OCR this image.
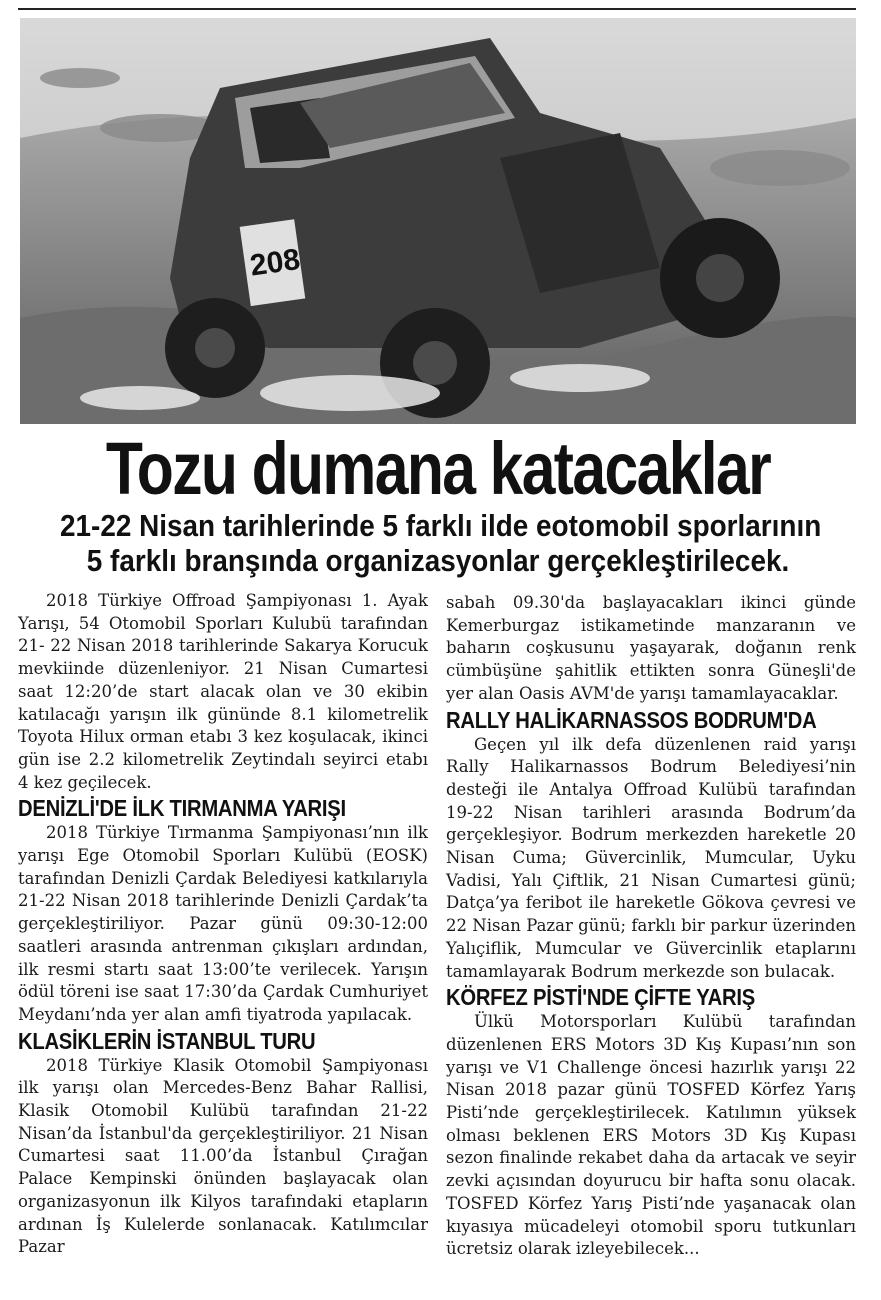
208
Tozu dumana katacaklar
21-22 Nisan tarihlerinde 5 farklı ilde eotomobil sporlarının
5 farklı branşında organizasyonlar gerçekleştirilecek.

2018 Türkiye Offroad Şampiyonası 1. Ayak Yarışı, 54 Otomobil Sporları Kulubü tarafından 21- 22 Nisan 2018 tarihlerinde Sakarya Korucuk mevkiinde düzenleniyor. 21 Nisan Cumartesi saat 12:20’de start alacak olan ve 30 ekibin katılacağı yarışın ilk gününde 8.1 kilometrelik Toyota Hilux orman etabı 3 kez koşulacak, ikinci gün ise 2.2 kilometrelik Zeytindalı seyirci etabı 4 kez geçilecek.

DENİZLİ'DE İLK TIRMANMA YARIŞI

2018 Türkiye Tırmanma Şampiyonası’nın ilk yarışı Ege Otomobil Sporları Kulübü (EOSK) tarafından Denizli Çardak Belediyesi katkılarıyla 21-22 Nisan 2018 tarihlerinde Denizli Çardak’ta gerçekleştiriliyor. Pazar günü 09:30-12:00 saatleri arasında antrenman çıkışları ardından, ilk resmi startı saat 13:00’te verilecek. Yarışın ödül töreni ise saat 17:30’da Çardak Cumhuriyet Meydanı’nda yer alan amfi tiyatroda yapılacak.

KLASİKLERİN İSTANBUL TURU

2018 Türkiye Klasik Otomobil Şampiyonası ilk yarışı olan Mercedes-Benz Bahar Rallisi, Klasik Otomobil Kulübü tarafından 21-22 Nisan’da İstanbul'da gerçekleştiriliyor. 21 Nisan Cumartesi saat 11.00’da İstanbul Çırağan Palace Kempinski önünden başlayacak olan organizasyonun ilk Kilyos tarafındaki etapların ardınan İş Kulelerde sonlanacak. Katılımcılar Pazar

sabah 09.30'da başlayacakları ikinci günde Kemerburgaz istikametinde manzaranın ve baharın coşkusunu yaşayarak, doğanın renk cümbüşüne şahitlik ettikten sonra Güneşli'de yer alan Oasis AVM'de yarışı tamamlayacaklar.

RALLY HALİKARNASSOS BODRUM'DA

Geçen yıl ilk defa düzenlenen raid yarışı Rally Halikarnassos Bodrum Belediyesi’nin desteği ile Antalya Offroad Kulübü tarafından 19-22 Nisan tarihleri arasında Bodrum’da gerçekleşiyor. Bodrum merkezden hareketle 20 Nisan Cuma; Güvercinlik, Mumcular, Uyku Vadisi, Yalı Çiftlik, 21 Nisan Cumartesi günü; Datça’ya feribot ile hareketle Gökova çevresi ve 22 Nisan Pazar günü; farklı bir parkur üzerinden Yalıçiflik, Mumcular ve Güvercinlik etaplarını tamamlayarak Bodrum merkezde son bulacak.

KÖRFEZ PİSTİ'NDE ÇİFTE YARIŞ

Ülkü Motorsporları Kulübü tarafından düzenlenen ERS Motors 3D Kış Kupası’nın son yarışı ve V1 Challenge öncesi hazırlık yarışı 22 Nisan 2018 pazar günü TOSFED Körfez Yarış Pisti’nde gerçekleştirilecek. Katılımın yüksek olması beklenen ERS Motors 3D Kış Kupası sezon finalinde rekabet daha da artacak ve seyir zevki açısından doyurucu bir hafta sonu olacak. TOSFED Körfez Yarış Pisti’nde yaşanacak olan kıyasıya mücadeleyi otomobil sporu tutkunları ücretsiz olarak izleyebilecek...
